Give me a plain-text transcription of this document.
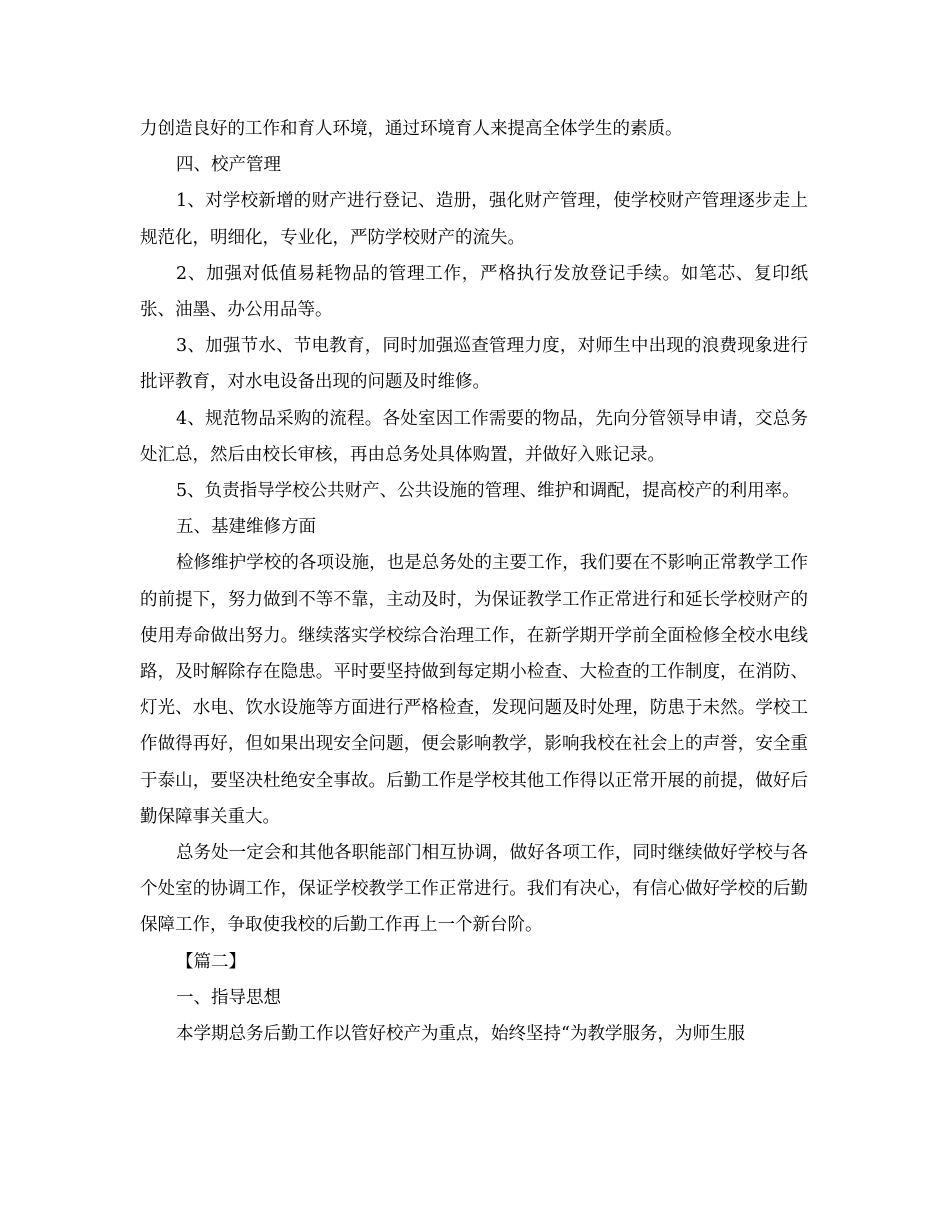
力创造良好的工作和育人环境，通过环境育人来提高全体学生的素质。

四、校产管理

1、对学校新增的财产进行登记、造册，强化财产管理，使学校财产管理逐步走上规范化，明细化，专业化，严防学校财产的流失。

2、加强对低值易耗物品的管理工作，严格执行发放登记手续。如笔芯、复印纸张、油墨、办公用品等。

3、加强节水、节电教育，同时加强巡查管理力度，对师生中出现的浪费现象进行批评教育，对水电设备出现的问题及时维修。

4、规范物品采购的流程。各处室因工作需要的物品，先向分管领导申请，交总务处汇总，然后由校长审核，再由总务处具体购置，并做好入账记录。

5、负责指导学校公共财产、公共设施的管理、维护和调配，提高校产的利用率。

五、基建维修方面

检修维护学校的各项设施，也是总务处的主要工作，我们要在不影响正常教学工作的前提下，努力做到不等不靠，主动及时，为保证教学工作正常进行和延长学校财产的使用寿命做出努力。继续落实学校综合治理工作，在新学期开学前全面检修全校水电线路，及时解除存在隐患。平时要坚持做到每定期小检查、大检查的工作制度，在消防、灯光、水电、饮水设施等方面进行严格检查，发现问题及时处理，防患于未然。学校工作做得再好，但如果出现安全问题，便会影响教学，影响我校在社会上的声誉，安全重于泰山，要坚决杜绝安全事故。后勤工作是学校其他工作得以正常开展的前提，做好后勤保障事关重大。

总务处一定会和其他各职能部门相互协调，做好各项工作，同时继续做好学校与各个处室的协调工作，保证学校教学工作正常进行。我们有决心，有信心做好学校的后勤保障工作，争取使我校的后勤工作再上一个新台阶。

【篇二】

一、指导思想

本学期总务后勤工作以管好校产为重点，始终坚持“为教学服务，为师生服
